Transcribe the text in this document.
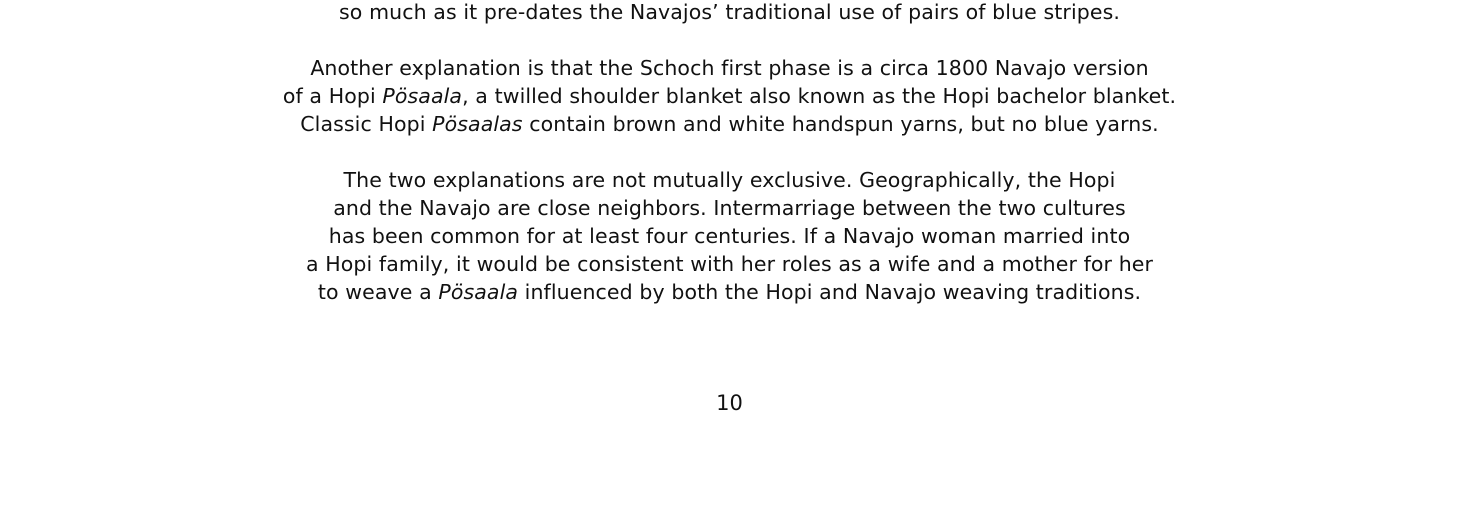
so much as it pre-dates the Navajos’ traditional use of pairs of blue stripes.
Another explanation is that the Schoch first phase is a circa 1800 Navajo version
of a Hopi Pösaala, a twilled shoulder blanket also known as the Hopi bachelor blanket.
Classic Hopi Pösaalas contain brown and white handspun yarns, but no blue yarns.
The two explanations are not mutually exclusive. Geographically, the Hopi
and the Navajo are close neighbors. Intermarriage between the two cultures
has been common for at least four centuries. If a Navajo woman married into
a Hopi family, it would be consistent with her roles as a wife and a mother for her
to weave a Pösaala influenced by both the Hopi and Navajo weaving traditions.
10
